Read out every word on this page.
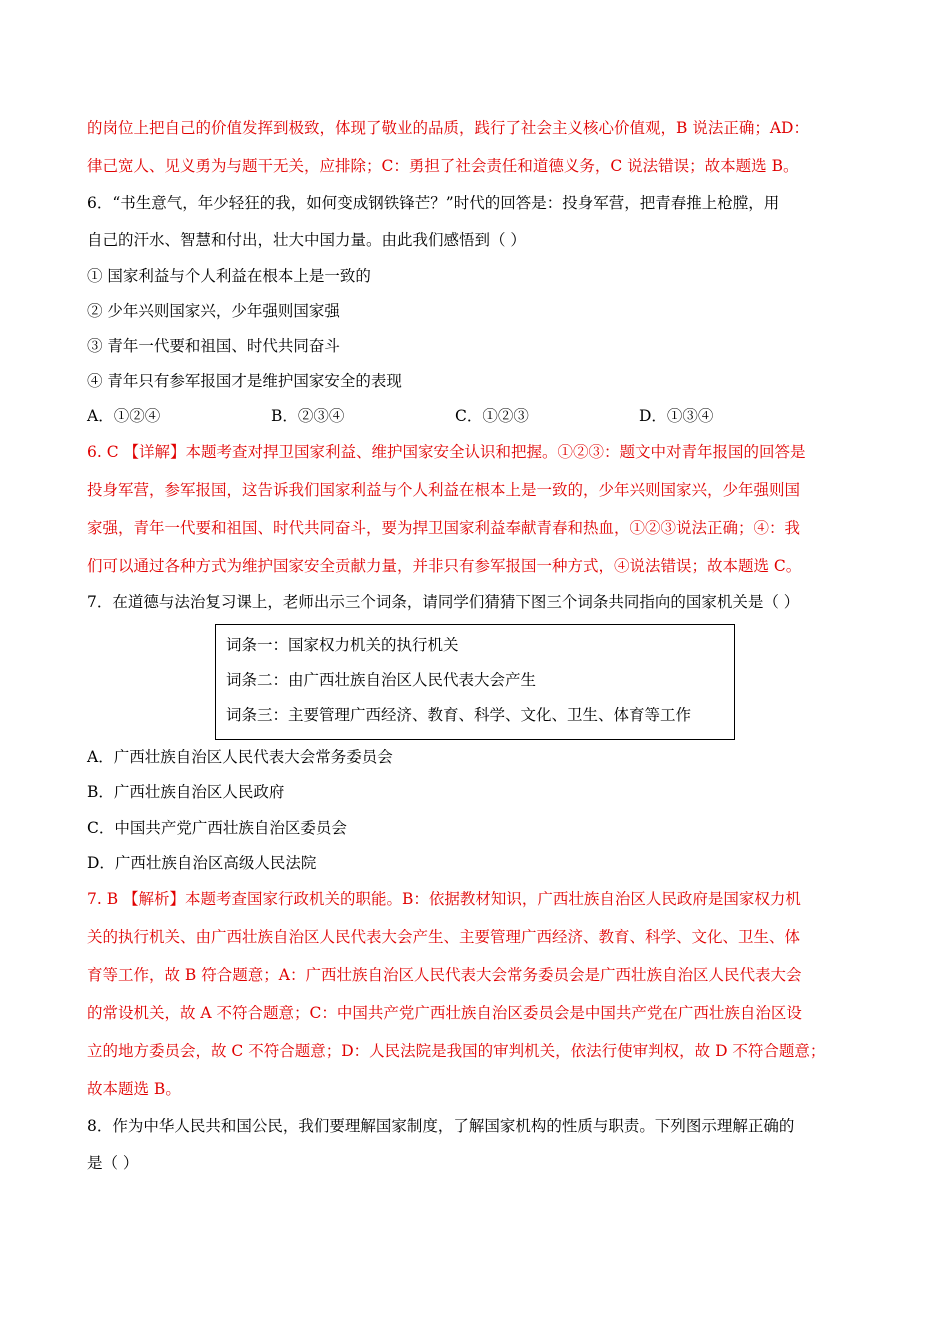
的岗位上把自己的价值发挥到极致，体现了敬业的品质，践行了社会主义核心价值观，B 说法正确；AD：
律己宽人、见义勇为与题干无关，应排除；C：勇担了社会责任和道德义务，C 说法错误；故本题选 B。
6．“书生意气，年少轻狂的我，如何变成钢铁锋芒？”时代的回答是：投身军营，把青春推上枪膛，用
自己的汗水、智慧和付出，壮大中国力量。由此我们感悟到（ ）
① 国家利益与个人利益在根本上是一致的
② 少年兴则国家兴，少年强则国家强
③ 青年一代要和祖国、时代共同奋斗
④ 青年只有参军报国才是维护国家安全的表现
A．①②④	B．②③④	C．①②③	D．①③④
6. C 【详解】本题考查对捍卫国家利益、维护国家安全认识和把握。①②③：题文中对青年报国的回答是
投身军营，参军报国，这告诉我们国家利益与个人利益在根本上是一致的，少年兴则国家兴，少年强则国
家强，青年一代要和祖国、时代共同奋斗，要为捍卫国家利益奉献青春和热血，①②③说法正确；④：我
们可以通过各种方式为维护国家安全贡献力量，并非只有参军报国一种方式，④说法错误；故本题选 C。
7．在道德与法治复习课上，老师出示三个词条，请同学们猜猜下图三个词条共同指向的国家机关是（ ）
词条一：国家权力机关的执行机关
词条二：由广西壮族自治区人民代表大会产生
词条三：主要管理广西经济、教育、科学、文化、卫生、体育等工作
A．广西壮族自治区人民代表大会常务委员会
B．广西壮族自治区人民政府
C．中国共产党广西壮族自治区委员会
D．广西壮族自治区高级人民法院
7. B 【解析】本题考查国家行政机关的职能。B：依据教材知识，广西壮族自治区人民政府是国家权力机
关的执行机关、由广西壮族自治区人民代表大会产生、主要管理广西经济、教育、科学、文化、卫生、体
育等工作，故 B 符合题意；A：广西壮族自治区人民代表大会常务委员会是广西壮族自治区人民代表大会
的常设机关，故 A 不符合题意；C：中国共产党广西壮族自治区委员会是中国共产党在广西壮族自治区设
立的地方委员会，故 C 不符合题意；D：人民法院是我国的审判机关，依法行使审判权，故 D 不符合题意；
故本题选 B。
8．作为中华人民共和国公民，我们要理解国家制度，了解国家机构的性质与职责。下列图示理解正确的
是（ ）
